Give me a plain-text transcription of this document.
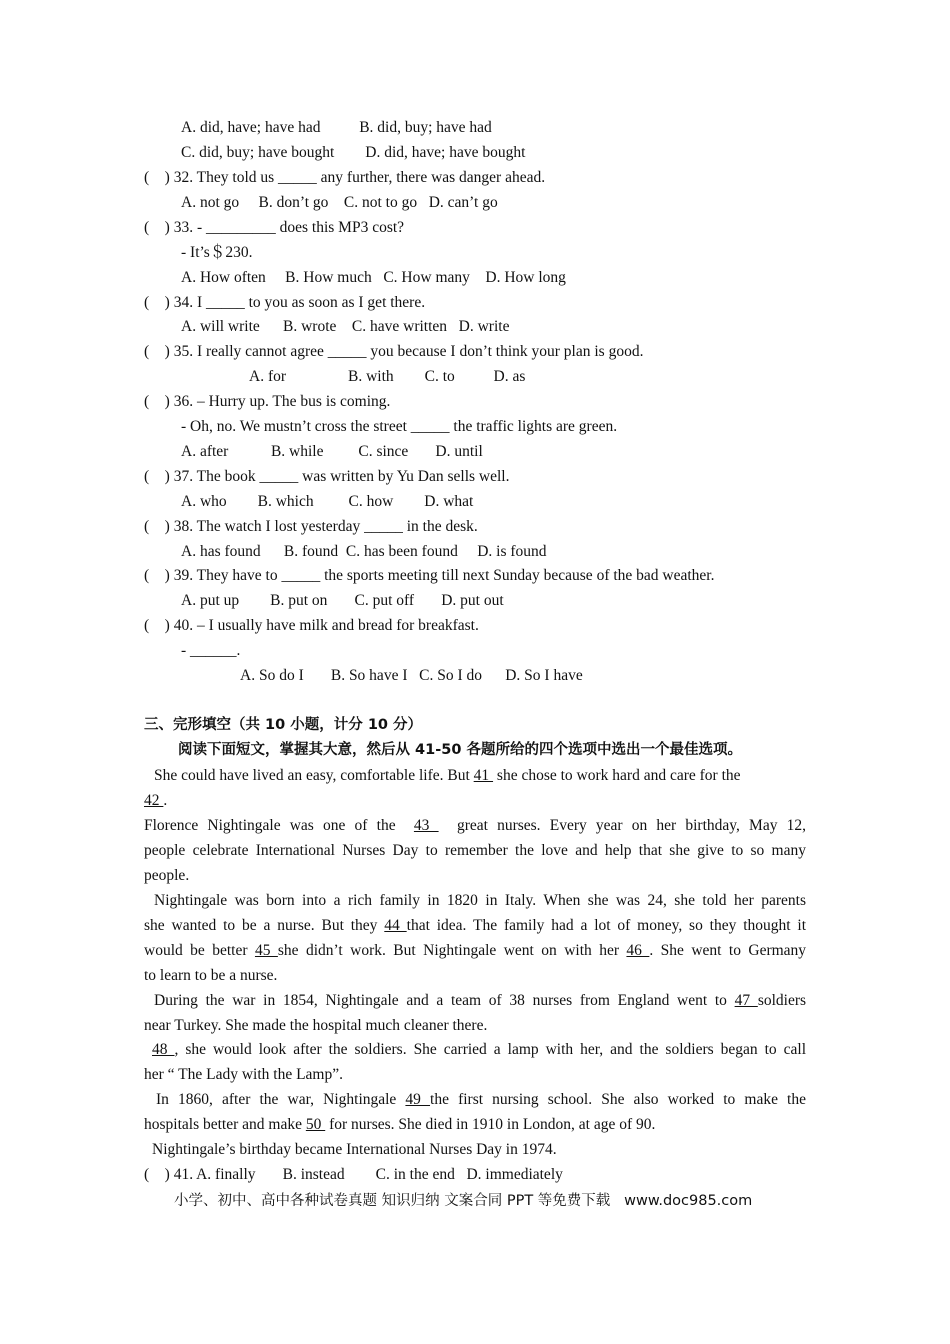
A. did, have; have had          B. did, buy; have had
C. did, buy; have bought        D. did, have; have bought
(    ) 32. They told us _____ any further, there was danger ahead.
A. not go     B. don’t go    C. not to go   D. can’t go
(    ) 33. - _________ does this MP3 cost?
- It’s＄230.
A. How often     B. How much   C. How many    D. How long
(    ) 34. I _____ to you as soon as I get there.
A. will write      B. wrote    C. have written   D. write
(    ) 35. I really cannot agree _____ you because I don’t think your plan is good.
A. for                B. with        C. to          D. as
(    ) 36. – Hurry up. The bus is coming.
- Oh, no. We mustn’t cross the street _____ the traffic lights are green.
A. after           B. while         C. since       D. until
(    ) 37. The book _____ was written by Yu Dan sells well.
A. who        B. which         C. how        D. what
(    ) 38. The watch I lost yesterday _____ in the desk.
A. has found      B. found  C. has been found     D. is found
(    ) 39. They have to _____ the sports meeting till next Sunday because of the bad weather.
A. put up        B. put on       C. put off       D. put out
(    ) 40. – I usually have milk and bread for breakfast.
- ______.
A. So do I       B. So have I   C. So I do      D. So I have
三、完形填空（共 10 小题，计分 10 分）
阅读下面短文，掌握其大意，然后从 41-50 各题所给的四个选项中选出一个最佳选项。
She could have lived an easy, comfortable life. But 41  she chose to work hard and care for the
42 .
Florence Nightingale was one of the  43   great nurses. Every year on her birthday, May 12,
people celebrate International Nurses Day to remember the love and help that she give to so many
people.
Nightingale was born into a rich family in 1820 in Italy. When she was 24, she told her parents
she wanted to be a nurse. But they 44 that idea. The family had a lot of money, so they thought it
would be better 45 she didn’t work. But Nightingale went on with her 46 . She went to Germany
to learn to be a nurse.
During the war in 1854, Nightingale and a team of 38 nurses from England went to 47 soldiers
near Turkey. She made the hospital much cleaner there.
48 , she would look after the soldiers. She carried a lamp with her, and the soldiers began to call
her “ The Lady with the Lamp”.
In 1860, after the war, Nightingale 49 the first nursing school. She also worked to make the
hospitals better and make 50  for nurses. She died in 1910 in London, at age of 90.
Nightingale’s birthday became International Nurses Day in 1974.
(    ) 41. A. finally       B. instead        C. in the end   D. immediately
小学、初中、高中各种试卷真题 知识归纳 文案合同 PPT 等免费下载   www.doc985.com
